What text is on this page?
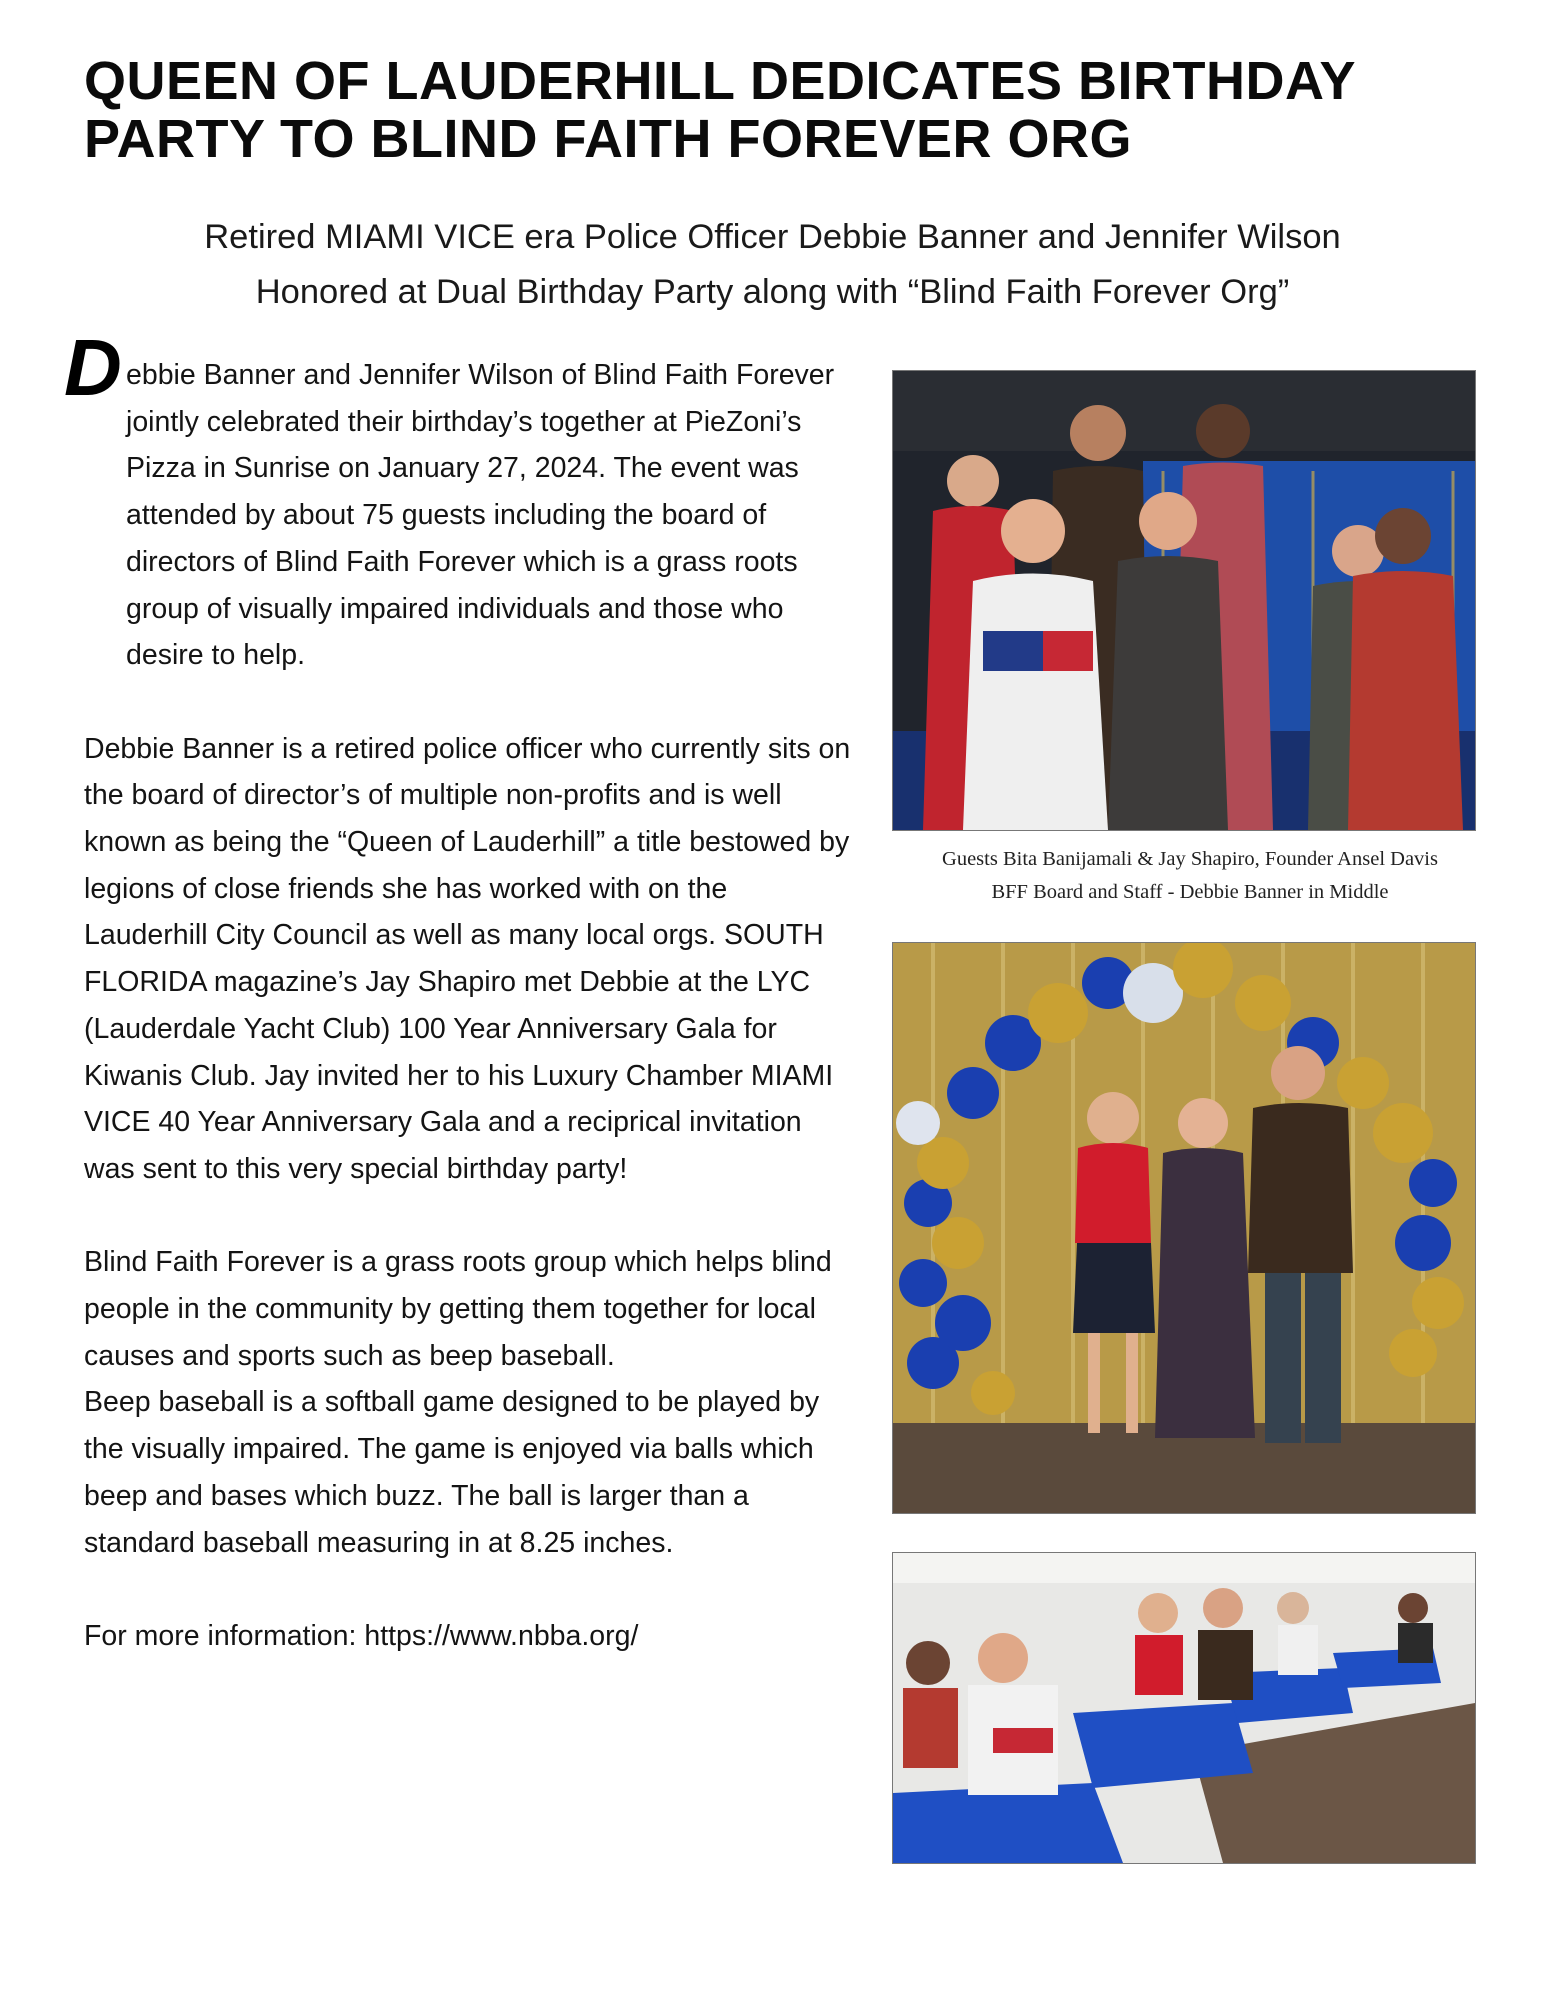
QUEEN OF LAUDERHILL DEDICATES BIRTHDAY PARTY TO BLIND FAITH FOREVER ORG
Retired MIAMI VICE era Police Officer Debbie Banner and Jennifer Wilson
Honored at Dual Birthday Party along with “Blind Faith Forever Org”
D ebbie Banner and Jennifer Wilson of Blind Faith Forever jointly celebrated their birthday’s together at PieZoni’s Pizza in Sunrise on January 27, 2024. The event was attended by about 75 guests including the board of directors of Blind Faith Forever which is a grass roots group of visually impaired individuals and those who desire to help.

Debbie Banner is a retired police officer who currently sits on the board of director’s of multiple non-profits and is well known as being the “Queen of Lauderhill” a title bestowed by legions of close friends she has worked with on the Lauderhill City Council as well as many local orgs. SOUTH FLORIDA magazine’s Jay Shapiro met Debbie at the LYC (Lauderdale Yacht Club) 100 Year Anniversary Gala for Kiwanis Club. Jay invited her to his Luxury Chamber MIAMI VICE 40 Year Anniversary Gala and a reciprical invitation was sent to this very special birthday party!

Blind Faith Forever is a grass roots group which helps blind people in the community by getting them together for local causes and sports such as beep baseball.

Beep baseball is a softball game designed to be played by the visually impaired. The game is enjoyed via balls which beep and bases which buzz. The ball is larger than a standard baseball measuring in at 8.25 inches.

For more information: https://www.nbba.org/

Guests Bita Banijamali & Jay Shapiro, Founder Ansel Davis
BFF Board and Staff - Debbie Banner in Middle
